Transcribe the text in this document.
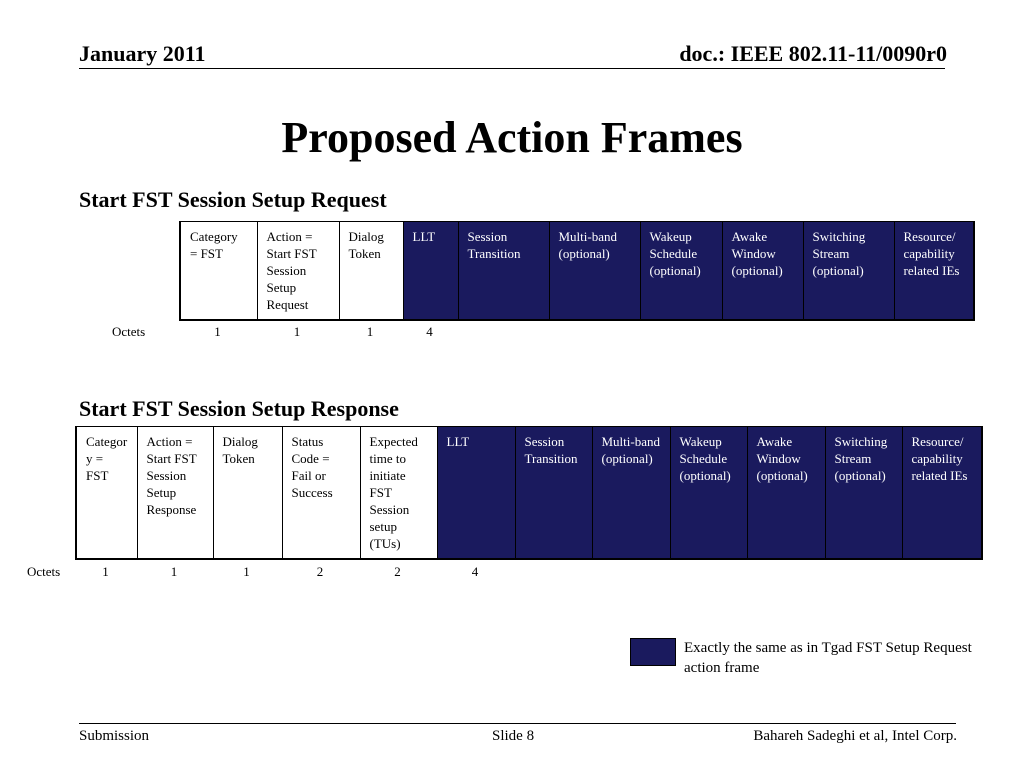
January 2011	doc.: IEEE 802.11-11/0090r0
Proposed Action Frames
Start FST Session Setup Request
Category = FST	Action = Start FST Session Setup Request	Dialog Token	LLT	Session Transition	Multi-band (optional)	Wakeup Schedule (optional)	Awake Window (optional)	Switching Stream (optional)	Resource/ capability related IEs
Octets	1	1	1	4
Start FST Session Setup Response
Category = FST	Action = Start FST Session Setup Response	Dialog Token	Status Code = Fail or Success	Expected time to initiate FST Session setup (TUs)	LLT	Session Transition	Multi-band (optional)	Wakeup Schedule (optional)	Awake Window (optional)	Switching Stream (optional)	Resource/ capability related IEs
Octets	1	1	1	2	2	4
Exactly the same as in Tgad FST Setup Request action frame
Submission	Slide 8	Bahareh Sadeghi et al, Intel Corp.
